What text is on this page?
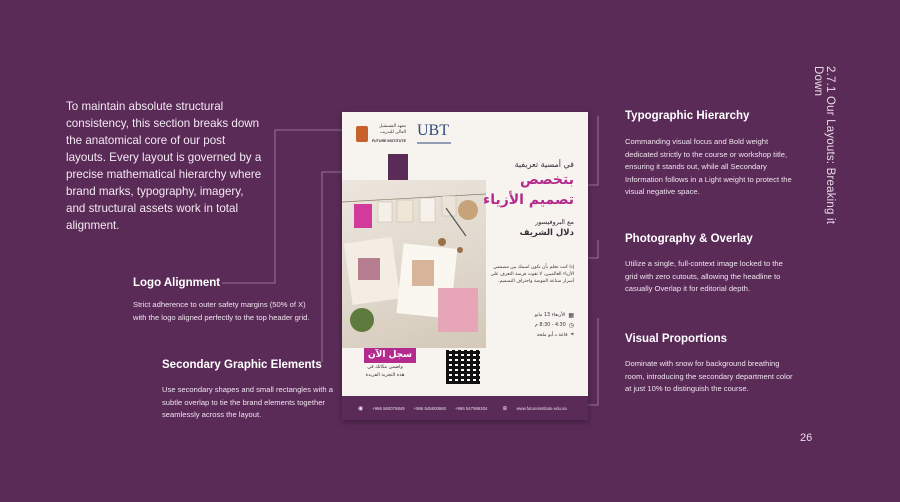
To maintain absolute structural consistency, this section breaks down the anatomical core of our post layouts. Every layout is governed by a precise mathematical hierarchy where brand marks, typography, imagery, and structural assets work in total alignment.
Logo Alignment
Strict adherence to outer safety margins (50% of X) with the logo aligned perfectly to the top header grid.
Secondary Graphic Elements
Use secondary shapes and small rectangles with a subtle overlap to tie the brand elements together seamlessly across the layout.
Typographic Hierarchy
Commanding visual focus and Bold weight dedicated strictly to the course or workshop title, ensuring it stands out, while all Secondary Information follows in a Light weight to protect the visual negative space.
Photography & Overlay
Utilize a single, full-context image locked to the grid with zero cutouts, allowing the headline to casually Overlap it for editorial depth.
Visual Proportions
Dominate with snow for background breathing room, introducing the secondary department color at just 10% to distinguish the course.
2.7.1 Our Layouts: Breaking it Down
26
معهد المستقبل العالي للتدريب
FUTURE INSTITUTE
UBT
في أمسية تعريفية
بتخصص
تصميم الأزياء
مع البروفيسور
دلال الشريف
إذا كنت تحلم بأن تكون اسمك بين مصممي الأزياء العالميين، لا تفوت فرصة التعرف على أسرار صناعة الموضة واحتراف التصميم.
الأربعاء 13 مايو ▦
4:30 - 8:30 م ◷
قاعة د.أبو ملحة ⌖
سجل الآن
واضمن مكانك في
هذه التجربة الفريدة
◉ +966 560076849 +966 545500660 +966 547986304	⊕ www.futureinstitute.edu.sa
